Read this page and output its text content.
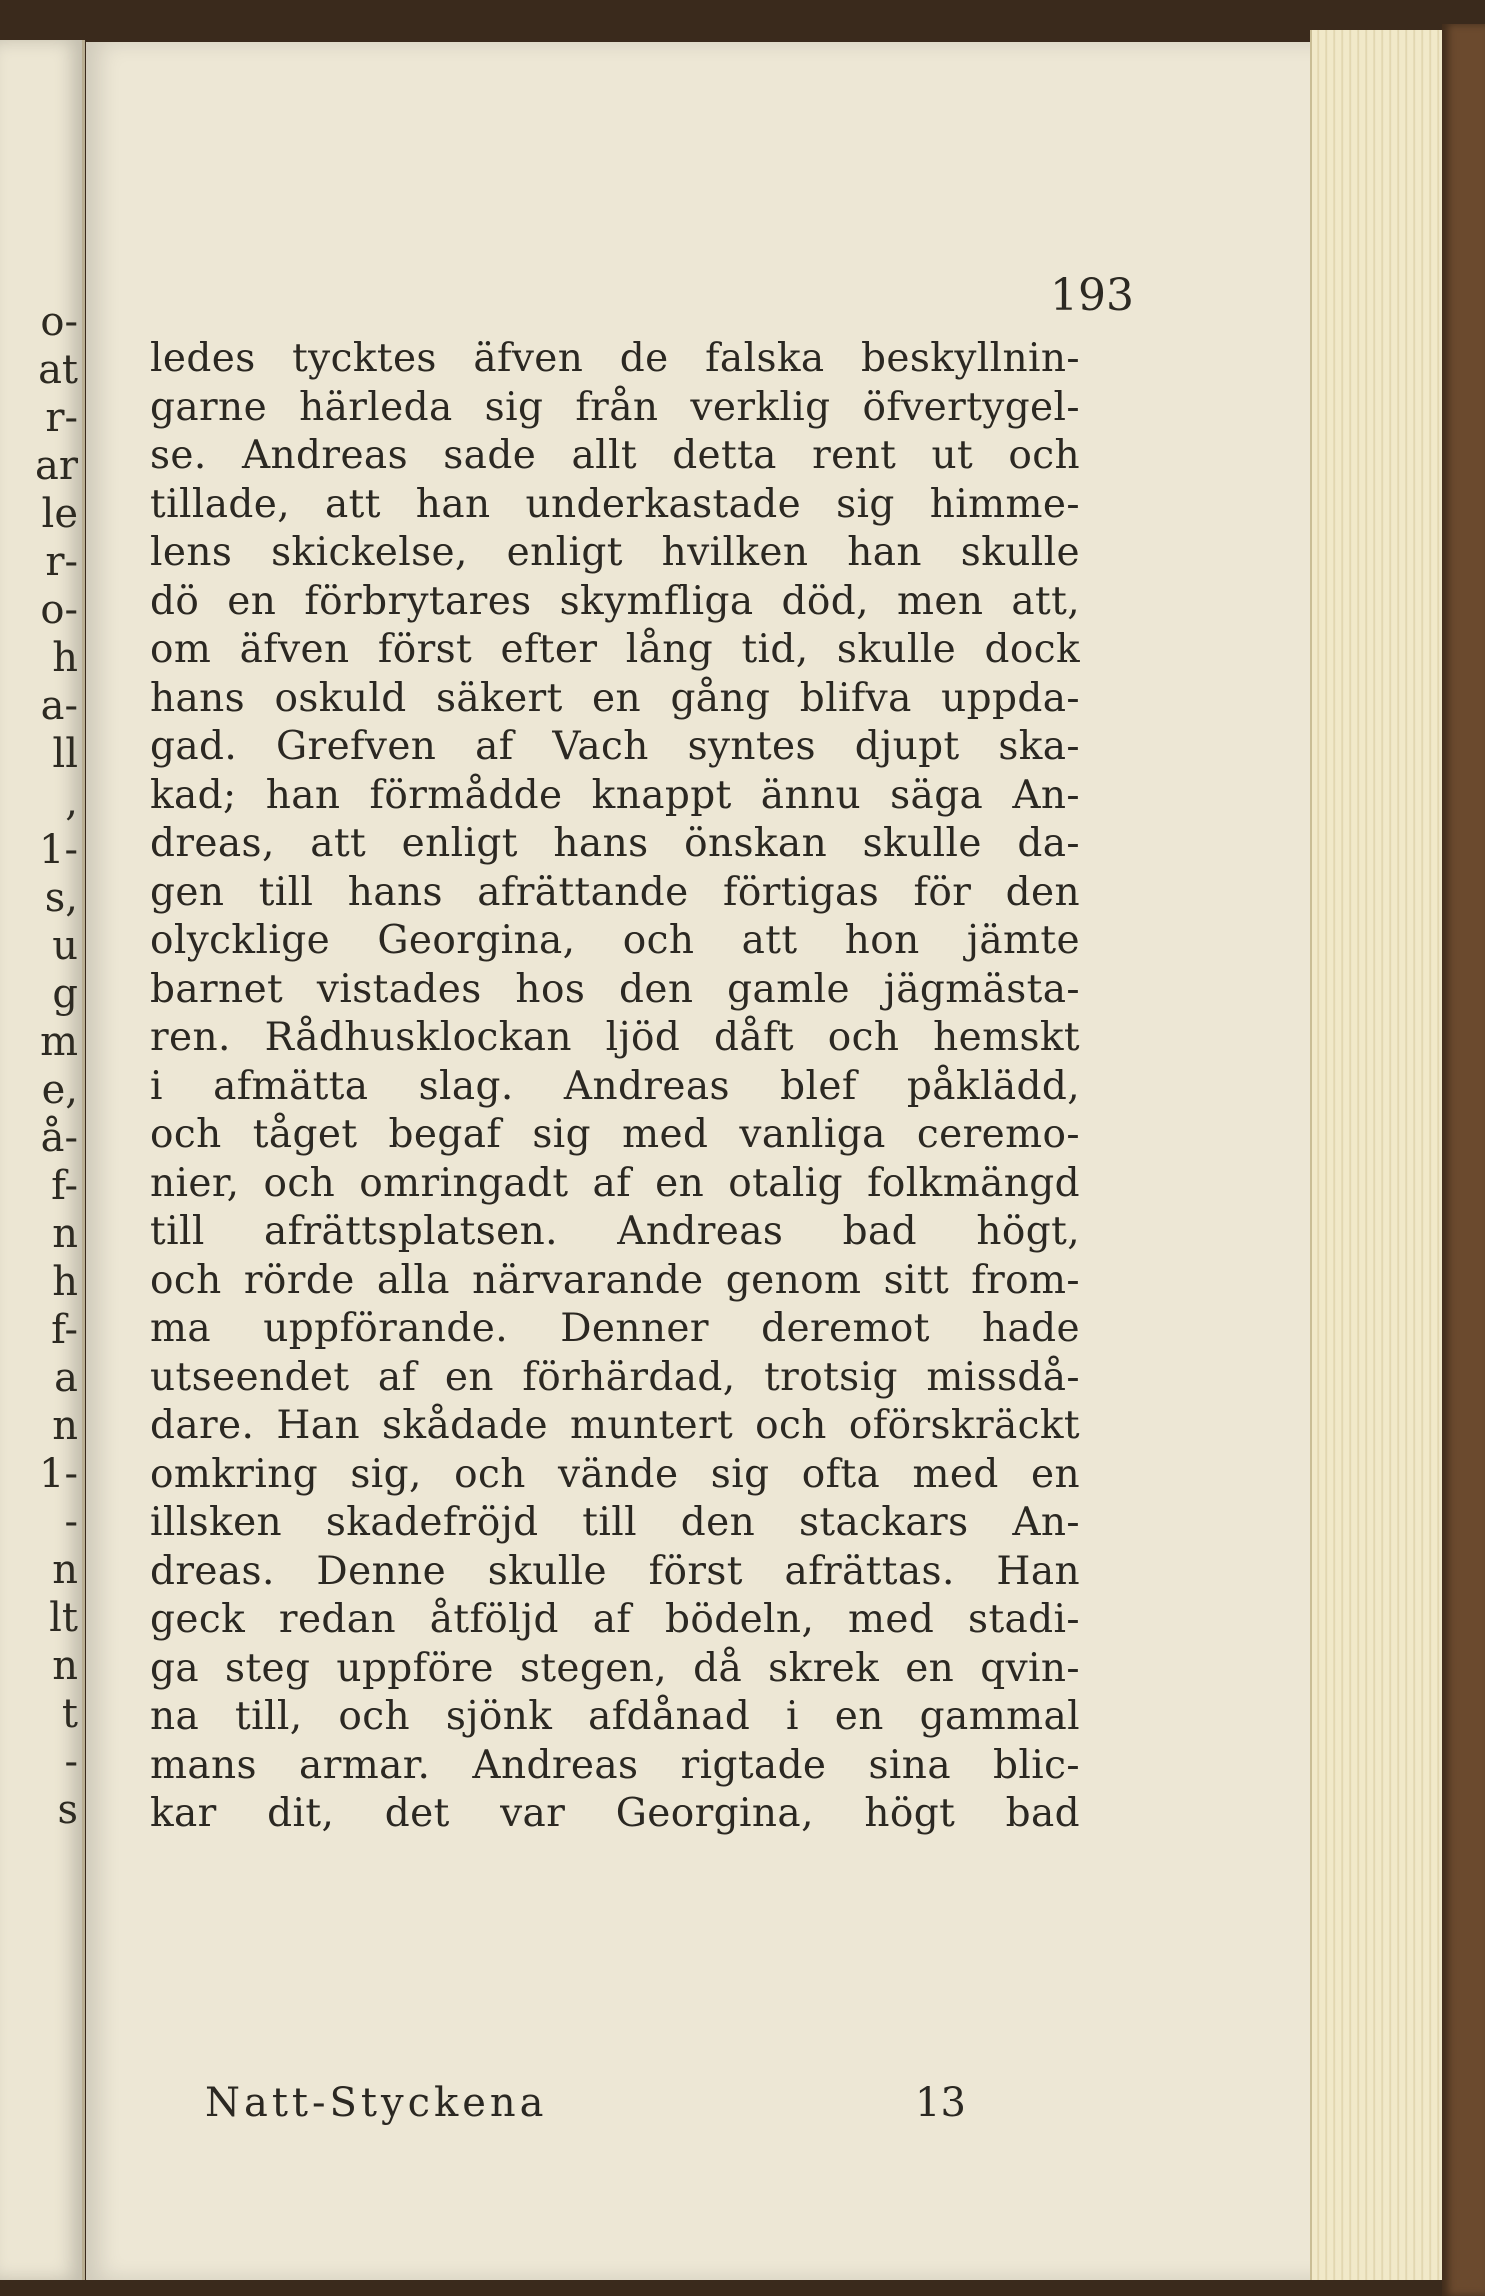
o-
at
r-
ar
le
r-
o-
h
a-
ll
,
1-
s,
u
g
m
e,
å-
f-
n
h
f-
a
n
1-
-
n
lt
n
t
-
s
193
ledes tycktes äfven de falska beskyllnin-
garne härleda sig från verklig öfvertygel-
se. Andreas sade allt detta rent ut och
tillade, att han underkastade sig himme-
lens skickelse, enligt hvilken han skulle
dö en förbrytares skymfliga död, men att,
om äfven först efter lång tid, skulle dock
hans oskuld säkert en gång blifva uppda-
gad. Grefven af Vach syntes djupt ska-
kad; han förmådde knappt ännu säga An-
dreas, att enligt hans önskan skulle da-
gen till hans afrättande förtigas för den
olycklige Georgina, och att hon jämte
barnet vistades hos den gamle jägmästa-
ren. Rådhusklockan ljöd dåft och hemskt
i afmätta slag. Andreas blef påklädd,
och tåget begaf sig med vanliga ceremo-
nier, och omringadt af en otalig folkmängd
till afrättsplatsen. Andreas bad högt,
och rörde alla närvarande genom sitt from-
ma uppförande. Denner deremot hade
utseendet af en förhärdad, trotsig missdå-
dare. Han skådade muntert och oförskräckt
omkring sig, och vände sig ofta med en
illsken skadefröjd till den stackars An-
dreas. Denne skulle först afrättas. Han
geck redan åtföljd af bödeln, med stadi-
ga steg uppföre stegen, då skrek en qvin-
na till, och sjönk afdånad i en gammal
mans armar. Andreas rigtade sina blic-
kar dit, det var Georgina, högt bad
Natt-Styckena	13
